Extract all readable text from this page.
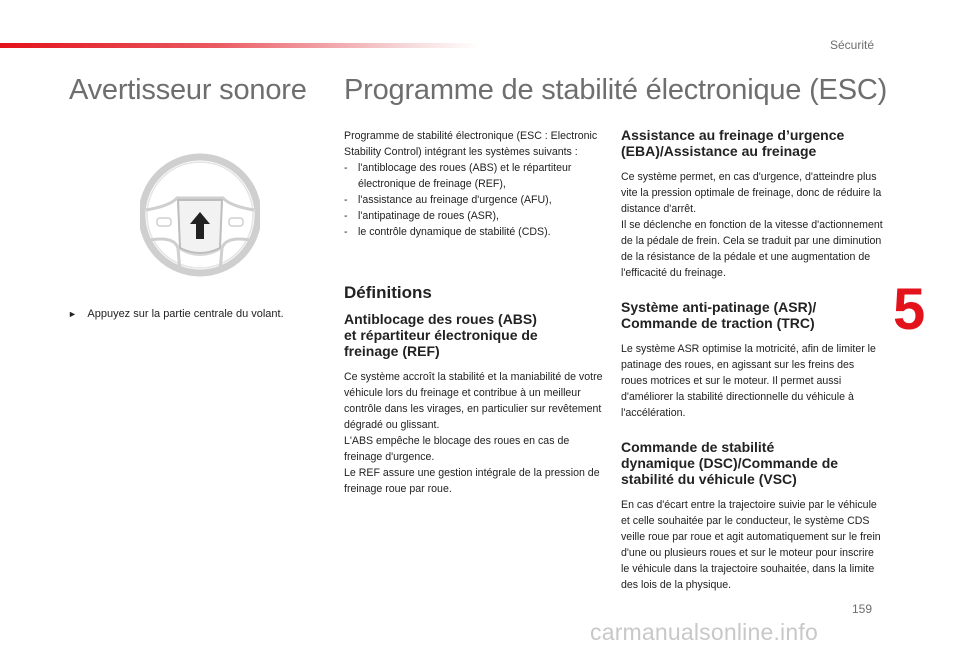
Sécurité
Avertisseur sonore Programme de stabilité électronique (ESC)
► Appuyez sur la partie centrale du volant.

Programme de stabilité électronique (ESC : Electronic Stability Control) intégrant les systèmes suivants :

- l'antiblocage des roues (ABS) et le répartiteur électronique de freinage (REF),
- l'assistance au freinage d'urgence (AFU),
- l'antipatinage de roues (ASR),
- le contrôle dynamique de stabilité (CDS).
Définitions
Antiblocage des roues (ABS)
et répartiteur électronique de
freinage (REF)

Ce système accroît la stabilité et la maniabilité de votre véhicule lors du freinage et contribue à un meilleur contrôle dans les virages, en particulier sur revêtement dégradé ou glissant.

L'ABS empêche le blocage des roues en cas de freinage d'urgence.

Le REF assure une gestion intégrale de la pression de freinage roue par roue.

Assistance au freinage d’urgence
(EBA)/Assistance au freinage

Ce système permet, en cas d'urgence, d'atteindre plus vite la pression optimale de freinage, donc de réduire la distance d'arrêt.

Il se déclenche en fonction de la vitesse d'actionnement de la pédale de frein. Cela se traduit par une diminution de la résistance de la pédale et une augmentation de l'efficacité du freinage.

Système anti-patinage (ASR)/
Commande de traction (TRC)

Le système ASR optimise la motricité, afin de limiter le patinage des roues, en agissant sur les freins des roues motrices et sur le moteur. Il permet aussi d'améliorer la stabilité directionnelle du véhicule à l'accélération.

Commande de stabilité
dynamique (DSC)/Commande de
stabilité du véhicule (VSC)

En cas d'écart entre la trajectoire suivie par le véhicule et celle souhaitée par le conducteur, le système CDS veille roue par roue et agit automatiquement sur le frein d'une ou plusieurs roues et sur le moteur pour inscrire le véhicule dans la trajectoire souhaitée, dans la limite des lois de la physique.

5
159
carmanualsonline.info
